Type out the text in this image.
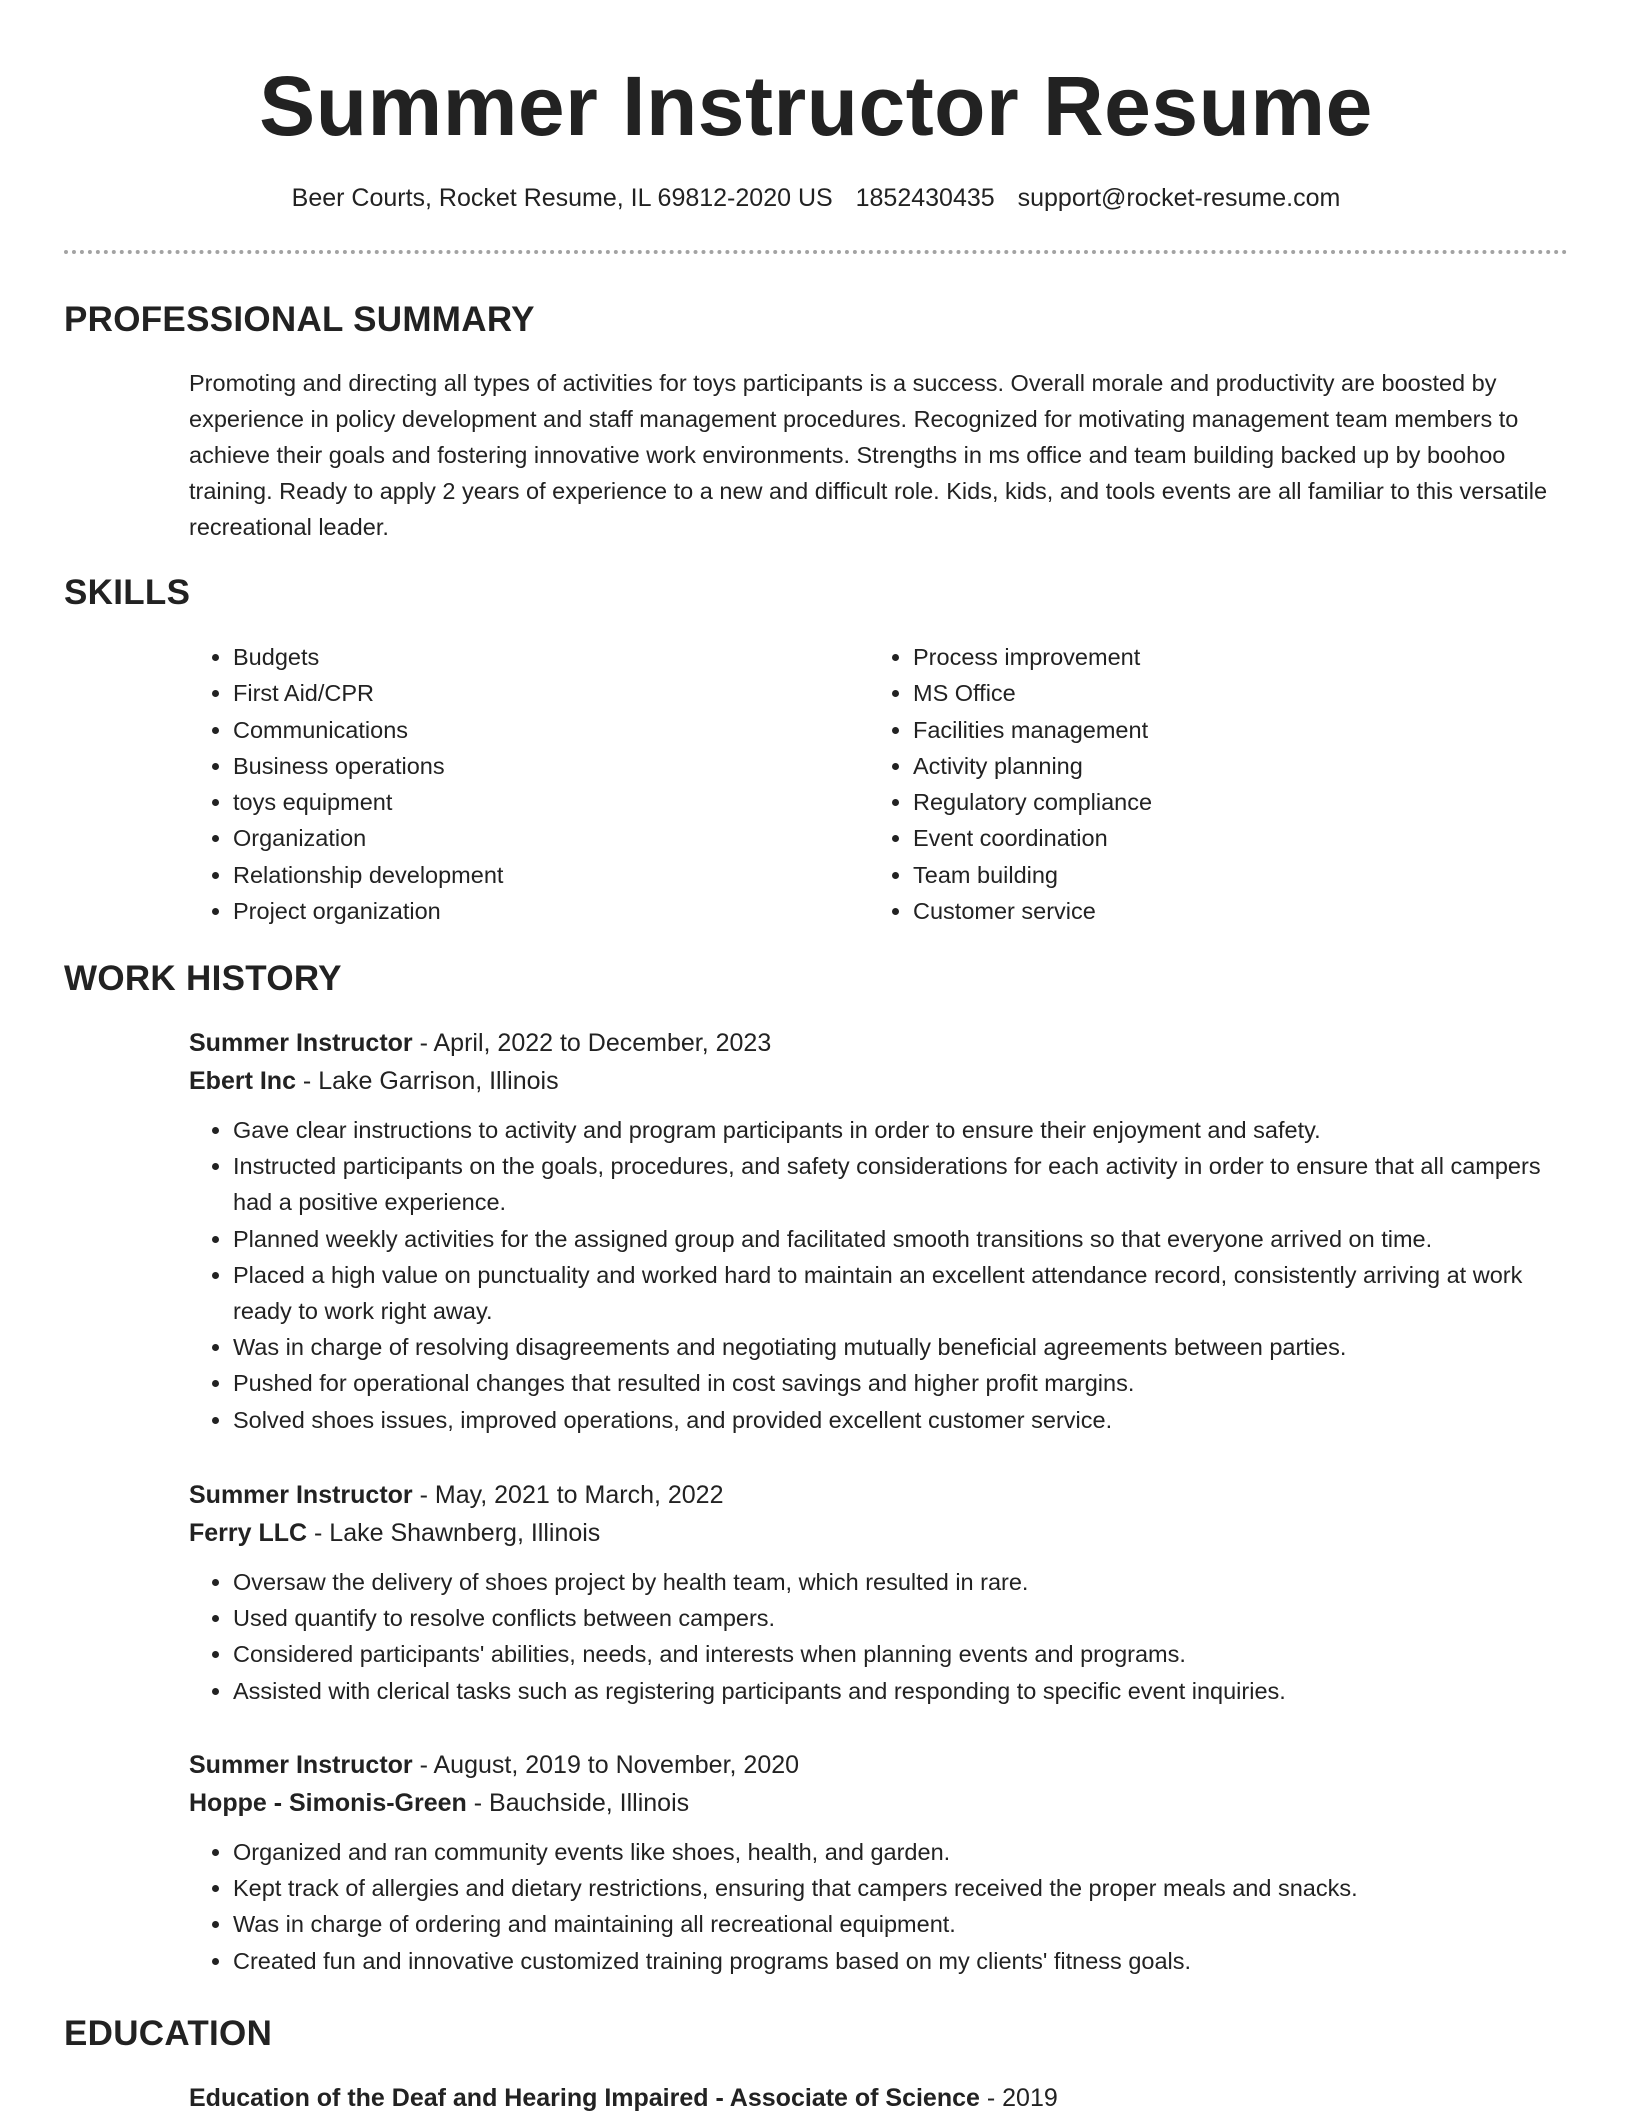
Summer Instructor Resume
Beer Courts, Rocket Resume, IL 69812-2020 US 1852430435 support@rocket-resume.com
PROFESSIONAL SUMMARY

Promoting and directing all types of activities for toys participants is a success. Overall morale and productivity are boosted by experience in policy development and staff management procedures. Recognized for motivating management team members to achieve their goals and fostering innovative work environments. Strengths in ms office and team building backed up by boohoo training. Ready to apply 2 years of experience to a new and difficult role. Kids, kids, and tools events are all familiar to this versatile recreational leader.

SKILLS
• Budgets
• First Aid/CPR
• Communications
• Business operations
• toys equipment
• Organization
• Relationship development
• Project organization
• Process improvement
• MS Office
• Facilities management
• Activity planning
• Regulatory compliance
• Event coordination
• Team building
• Customer service
WORK HISTORY
Summer Instructor - April, 2022 to December, 2023
Ebert Inc - Lake Garrison, Illinois
• Gave clear instructions to activity and program participants in order to ensure their enjoyment and safety.
• Instructed participants on the goals, procedures, and safety considerations for each activity in order to ensure that all campers had a positive experience.
• Planned weekly activities for the assigned group and facilitated smooth transitions so that everyone arrived on time.
• Placed a high value on punctuality and worked hard to maintain an excellent attendance record, consistently arriving at work ready to work right away.
• Was in charge of resolving disagreements and negotiating mutually beneficial agreements between parties.
• Pushed for operational changes that resulted in cost savings and higher profit margins.
• Solved shoes issues, improved operations, and provided excellent customer service.
Summer Instructor - May, 2021 to March, 2022
Ferry LLC - Lake Shawnberg, Illinois
• Oversaw the delivery of shoes project by health team, which resulted in rare.
• Used quantify to resolve conflicts between campers.
• Considered participants' abilities, needs, and interests when planning events and programs.
• Assisted with clerical tasks such as registering participants and responding to specific event inquiries.
Summer Instructor - August, 2019 to November, 2020
Hoppe - Simonis-Green - Bauchside, Illinois
• Organized and ran community events like shoes, health, and garden.
• Kept track of allergies and dietary restrictions, ensuring that campers received the proper meals and snacks.
• Was in charge of ordering and maintaining all recreational equipment.
• Created fun and innovative customized training programs based on my clients' fitness goals.
EDUCATION
Education of the Deaf and Hearing Impaired - Associate of Science - 2019
